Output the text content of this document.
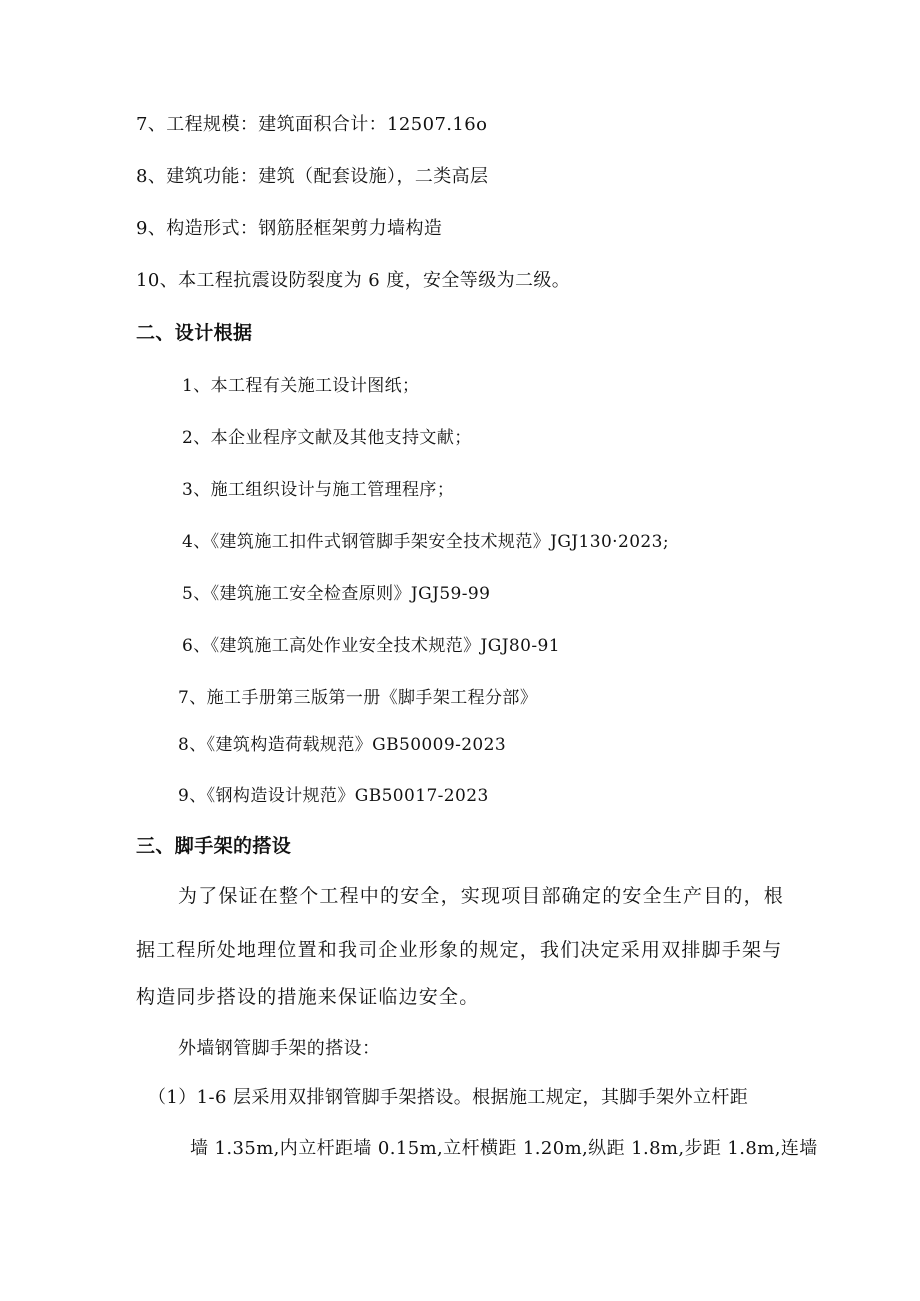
7、工程规模：建筑面积合计：12507.16o
8、建筑功能：建筑（配套设施），二类高层
9、构造形式：钢筋胫框架剪力墙构造
10、本工程抗震设防裂度为 6 度，安全等级为二级。
二、设计根据
1、本工程有关施工设计图纸；
2、本企业程序文献及其他支持文献；
3、施工组织设计与施工管理程序；
4、《建筑施工扣件式钢管脚手架安全技术规范》JGJ130·2023;
5、《建筑施工安全检查原则》JGJ59-99
6、《建筑施工高处作业安全技术规范》JGJ80-91
7、施工手册第三版第一册《脚手架工程分部》
8、《建筑构造荷载规范》GB50009-2023
9、《钢构造设计规范》GB50017-2023
三、脚手架的搭设
为了保证在整个工程中的安全，实现项目部确定的安全生产目的，根
据工程所处地理位置和我司企业形象的规定，我们决定采用双排脚手架与
构造同步搭设的措施来保证临边安全。
外墙钢管脚手架的搭设：
（1）1-6 层采用双排钢管脚手架搭设。根据施工规定，其脚手架外立杆距
墙 1.35m,内立杆距墙 0.15m,立杆横距 1.20m,纵距 1.8m,步距 1.8m,连墙
